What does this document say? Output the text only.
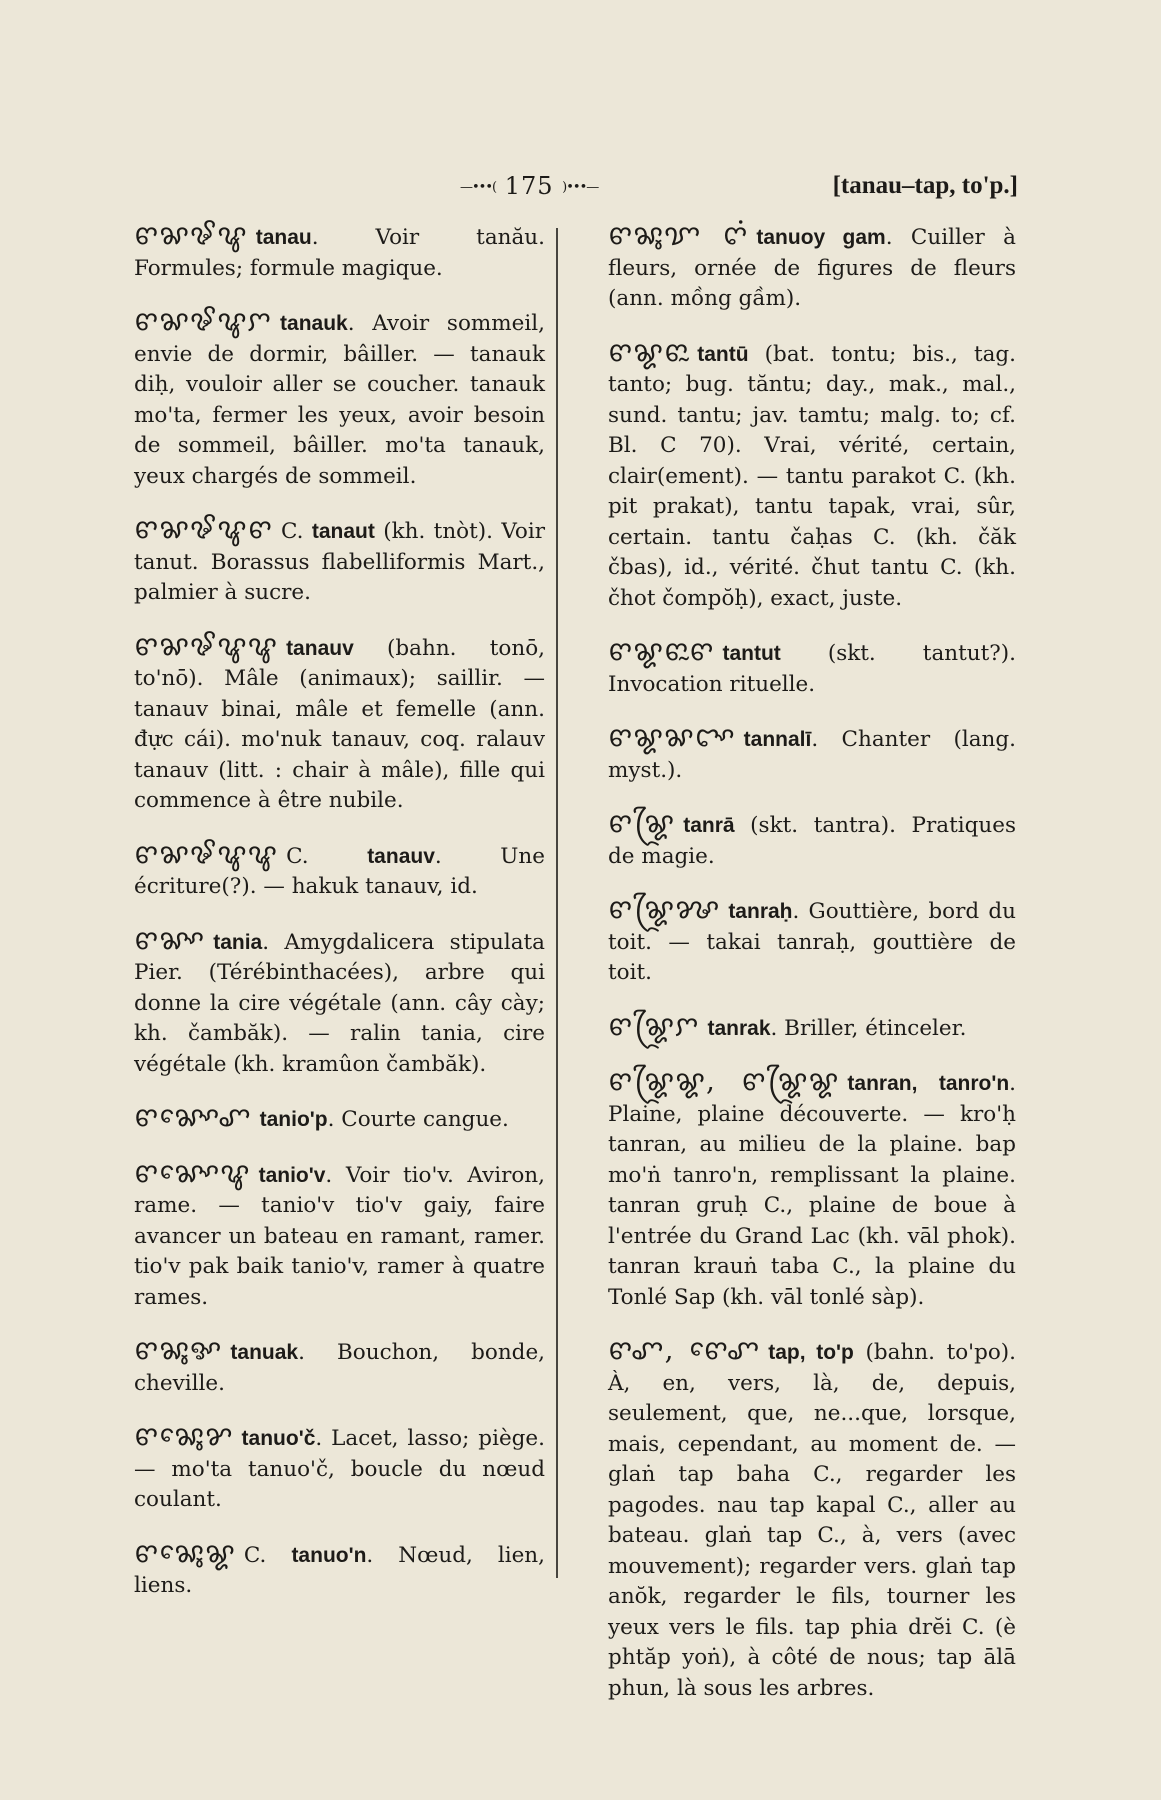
—•••( 175 )•••—	[tanau–tap, to'p.]
ꨓꨗꨃꨥ tanau. Voir tanău. Formules; formule magique.
ꨓꨗꨃꨥꨆ tanauk. Avoir sommeil, envie de dormir, bâiller. — tanauk diḥ, vouloir aller se coucher. tanauk mo'ta, fermer les yeux, avoir besoin de sommeil, bâiller. mo'ta tanauk, yeux chargés de sommeil.
ꨓꨗꨃꨥꨓ C. tanaut (kh. tnòt). Voir tanut. Borassus flabelliformis Mart., palmier à sucre.
ꨓꨗꨃꨥꨥ tanauv (bahn. tonō, to'nō). Mâle (animaux); saillir. — tanauv binai, mâle et femelle (ann. đực cái). mo'nuk tanauv, coq. ralauv tanauv (litt. : chair à mâle), fille qui commence à être nubile.
ꨓꨗꨃꨥꨥ C. tanauv. Une écriture(?). — hakuk tanauv, id.
ꨓꨗꨳ tania. Amygdalicera stipulata Pier. (Térébinthacées), arbre qui donne la cire végétale (ann. cây cày; kh. čambăk). — ralin tania, cire végétale (kh. kramûon čambăk).
ꨓꨗꨳꨯꨚ tanio'p. Courte cangue.
ꨓꨗꨳꨯꨥ tanio'v. Voir tio'v. Aviron, rame. — tanio'v tio'v gaiy, faire avancer un bateau en ramant, ramer. tio'v pak baik tanio'v, ramer à quatre rames.
ꨓꨗꨶꨀ tanuak. Bouchon, bonde, cheville.
ꨓꨗꨶꨯꨌ tanuo'č. Lacet, lasso; piège. — mo'ta tanuo'č, boucle du nœud coulant.
ꨓꨗꨶꨯꨘ C. tanuo'n. Nœud, lien, liens.
ꨓꨗꨶꨢ ꨈꩌ tanuoy gam. Cuiller à fleurs, ornée de figures de fleurs (ann. mồng gầm).
ꨓꨘꨓꨭ tantū (bat. tontu; bis., tag. tanto; bug. tăntu; day., mak., mal., sund. tantu; jav. tamtu; malg. to; cf. Bl. C 70). Vrai, vérité, certain, clair(ement). — tantu parakot C. (kh. pit prakat), tantu tapak, vrai, sûr, certain. tantu čaḥas C. (kh. čăk čbas), id., vérité. čhut tantu C. (kh. čhot čompŏḥ), exact, juste.
ꨓꨘꨓꨭꨓ tantut (skt. tantut?). Invocation rituelle.
ꨓꨘꨗꨤꨳ tannalī. Chanter (lang. myst.).
ꨓꨘꨴ tanrā (skt. tantra). Pratiques de magie.
ꨓꨘꨴꨍ tanraḥ. Gouttière, bord du toit. — takai tanraḥ, gouttière de toit.
ꨓꨘꨴꨆ tanrak. Briller, étinceler.
ꨓꨘꨴꨘ, ꨓꨘꨴꨘ tanran, tanro'n. Plaine, plaine découverte. — kro'ḥ tanran, au milieu de la plaine. bap mo'ṅ tanro'n, remplissant la plaine. tanran gruḥ C., plaine de boue à l'entrée du Grand Lac (kh. vāl phok). tanran krauṅ taba C., la plaine du Tonlé Sap (kh. vāl tonlé sàp).
ꨓꨚ, ꨓꨯꨚ tap, to'p (bahn. to'po). À, en, vers, là, de, depuis, seulement, que, ne...que, lorsque, mais, cependant, au moment de. — glaṅ tap baha C., regarder les pagodes. nau tap kapal C., aller au bateau. glaṅ tap C., à, vers (avec mouvement); regarder vers. glaṅ tap anŏk, regarder le fils, tourner les yeux vers le fils. tap phia drĕi C. (è phtăp yoṅ), à côté de nous; tap ālā phun, là sous les arbres.
